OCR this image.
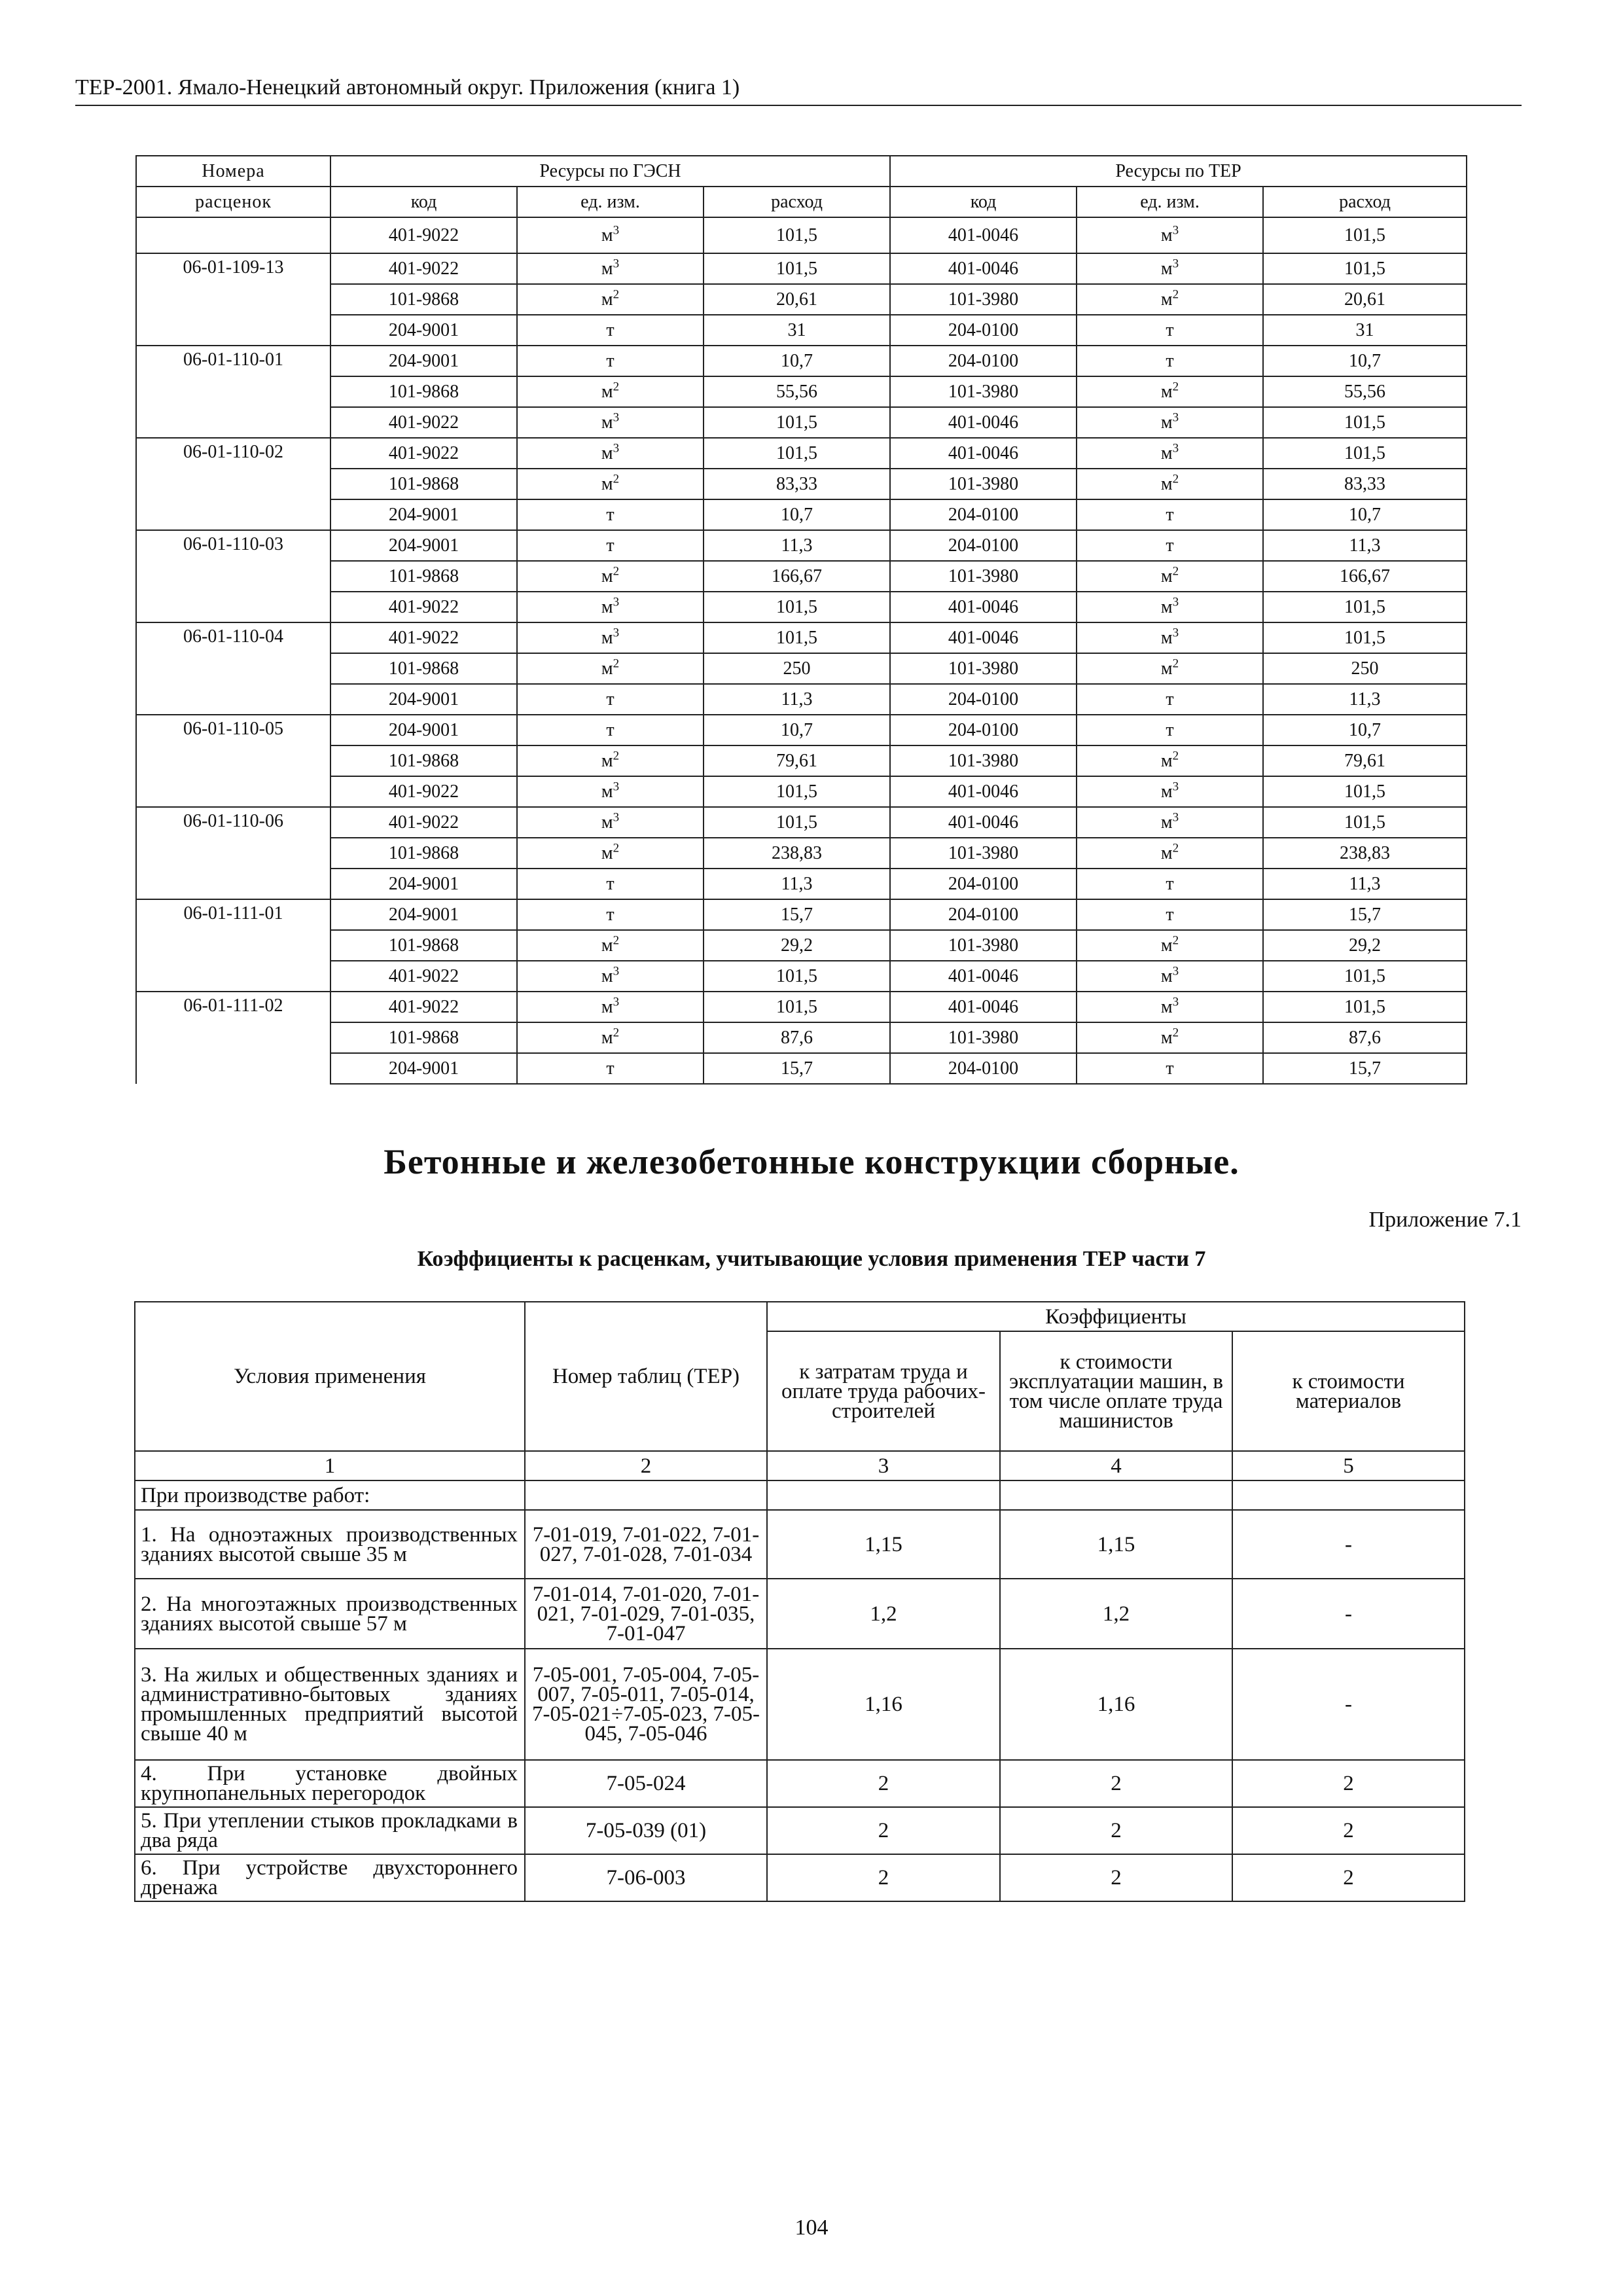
ТЕР-2001. Ямало-Ненецкий автономный округ. Приложения (книга 1)
Номера	Ресурсы по ГЭСН			Ресурсы по ТЕР		
расценок	код	ед. изм.	расход	код	ед. изм.	расход
	401-9022	$м^3$	101,5	401-0046	$м^3$	101,5
06-01-109-13	401-9022	$м^3$	101,5	401-0046	$м^3$	101,5
	101-9868	$м^2$	20,61	101-3980	$м^2$	20,61
	204-9001	т	31	204-0100	т	31
06-01-110-01	204-9001	т	10,7	204-0100	т	10,7
	101-9868	$м^2$	55,56	101-3980	$м^2$	55,56
	401-9022	$м^3$	101,5	401-0046	$м^3$	101,5
06-01-110-02	401-9022	$м^3$	101,5	401-0046	$м^3$	101,5
	101-9868	$м^2$	83,33	101-3980	$м^2$	83,33
	204-9001	т	10,7	204-0100	т	10,7
06-01-110-03	204-9001	т	11,3	204-0100	т	11,3
	101-9868	$м^2$	166,67	101-3980	$м^2$	166,67
	401-9022	$м^3$	101,5	401-0046	$м^3$	101,5
06-01-110-04	401-9022	$м^3$	101,5	401-0046	$м^3$	101,5
	101-9868	$м^2$	250	101-3980	$м^2$	250
	204-9001	т	11,3	204-0100	т	11,3
06-01-110-05	204-9001	т	10,7	204-0100	т	10,7
	101-9868	$м^2$	79,61	101-3980	$м^2$	79,61
	401-9022	$м^3$	101,5	401-0046	$м^3$	101,5
06-01-110-06	401-9022	$м^3$	101,5	401-0046	$м^3$	101,5
	101-9868	$м^2$	238,83	101-3980	$м^2$	238,83
	204-9001	т	11,3	204-0100	т	11,3
06-01-111-01	204-9001	т	15,7	204-0100	т	15,7
	101-9868	$м^2$	29,2	101-3980	$м^2$	29,2
	401-9022	$м^3$	101,5	401-0046	$м^3$	101,5
06-01-111-02	401-9022	$м^3$	101,5	401-0046	$м^3$	101,5
	101-9868	$м^2$	87,6	101-3980	$м^2$	87,6
	204-9001	т	15,7	204-0100	т	15,7
Бетонные и железобетонные конструкции сборные.
Приложение 7.1
Коэффициенты к расценкам, учитывающие условия применения ТЕР части 7
Условия применения	Номер таблиц (ТЕР)	Коэффициенты		
		к затратам труда и оплате труда рабочих-строителей	к стоимости эксплуатации машин, в том числе оплате труда машинистов	к стоимости материалов
1	2	3	4	5
При производстве работ:				
1. На одноэтажных производственных зданиях высотой свыше 35 м	7-01-019, 7-01-022, 7-01-027, 7-01-028, 7-01-034	1,15	1,15	-
2. На многоэтажных производственных зданиях высотой свыше 57 м	7-01-014, 7-01-020, 7-01-021, 7-01-029, 7-01-035, 7-01-047	1,2	1,2	-
3. На жилых и общественных зданиях и административно-бытовых зданиях промышленных предприятий высотой свыше 40 м	7-05-001, 7-05-004, 7-05-007, 7-05-011, 7-05-014, 7-05-021÷7-05-023, 7-05-045, 7-05-046	1,16	1,16	-
4. При установке двойных крупнопанельных перегородок	7-05-024	2	2	2
5. При утеплении стыков прокладками в два ряда	7-05-039 (01)	2	2	2
6. При устройстве двухстороннего дренажа	7-06-003	2	2	2
104
